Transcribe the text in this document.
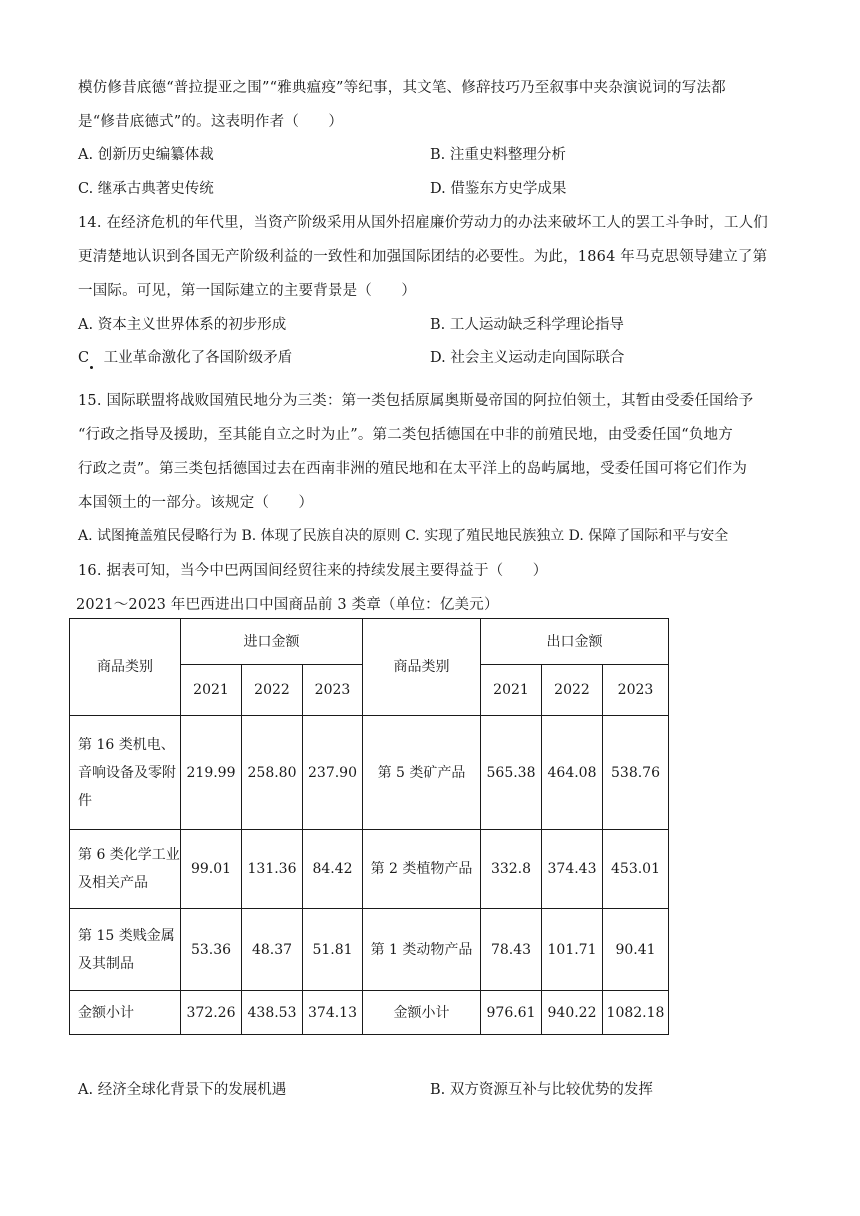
模仿修昔底德“普拉提亚之围”“雅典瘟疫”等纪事，其文笔、修辞技巧乃至叙事中夹杂演说词的写法都
是“修昔底德式”的。这表明作者（　　）
A. 创新历史编纂体裁	B. 注重史料整理分析
C. 继承古典著史传统	D. 借鉴东方史学成果
14. 在经济危机的年代里，当资产阶级采用从国外招雇廉价劳动力的办法来破坏工人的罢工斗争时，工人们
更清楚地认识到各国无产阶级利益的一致性和加强国际团结的必要性。为此，1864 年马克思领导建立了第
一国际。可见，第一国际建立的主要背景是（　　）
A. 资本主义世界体系的初步形成	B. 工人运动缺乏科学理论指导
C　工业革命激化了各国阶级矛盾	D. 社会主义运动走向国际联合
15. 国际联盟将战败国殖民地分为三类：第一类包括原属奥斯曼帝国的阿拉伯领土，其暂由受委任国给予
“行政之指导及援助，至其能自立之时为止”。第二类包括德国在中非的前殖民地，由受委任国“负地方
行政之责”。第三类包括德国过去在西南非洲的殖民地和在太平洋上的岛屿属地，受委任国可将它们作为
本国领土的一部分。该规定（　　）
A. 试图掩盖殖民侵略行为 B. 体现了民族自决的原则 C. 实现了殖民地民族独立 D. 保障了国际和平与安全
16. 据表可知，当今中巴两国间经贸往来的持续发展主要得益于（　　）
2021～2023 年巴西进出口中国商品前 3 类章（单位：亿美元）
商品类别	进口金额			商品类别	出口金额		
	2021	2022	2023		2021	2022	2023
第 16 类机电、音响设备及零附件	219.99	258.80	237.90	第 5 类矿产品	565.38	464.08	538.76
第 6 类化学工业及相关产品	99.01	131.36	84.42	第 2 类植物产品	332.8	374.43	453.01
第 15 类贱金属及其制品	53.36	48.37	51.81	第 1 类动物产品	78.43	101.71	90.41
金额小计	372.26	438.53	374.13	金额小计	976.61	940.22	1082.18
A. 经济全球化背景下的发展机遇	B. 双方资源互补与比较优势的发挥
